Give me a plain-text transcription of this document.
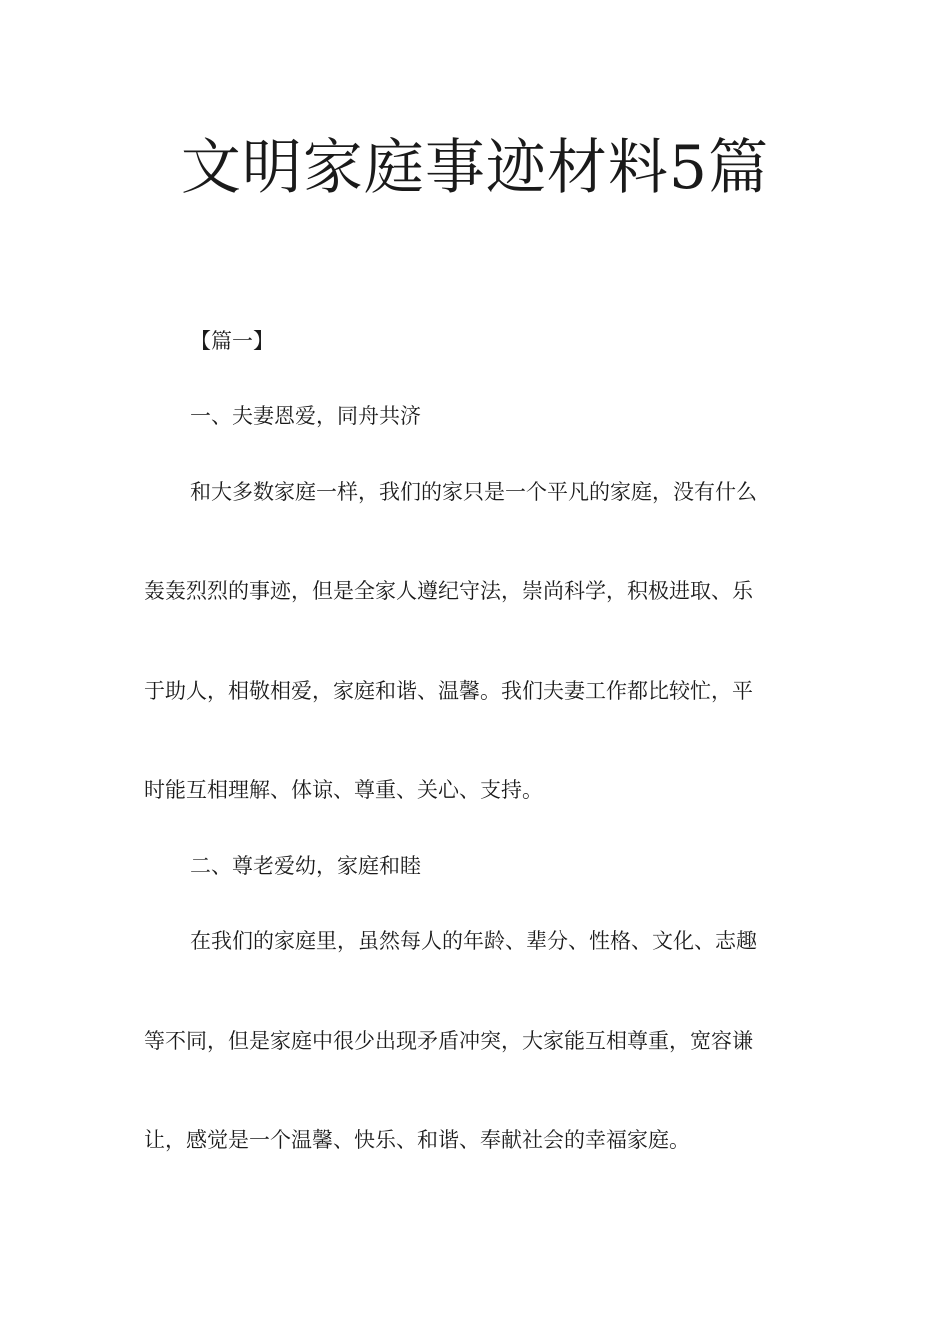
文明家庭事迹材料5篇
【篇一】
一、夫妻恩爱，同舟共济
和大多数家庭一样，我们的家只是一个平凡的家庭，没有什么
轰轰烈烈的事迹，但是全家人遵纪守法，崇尚科学，积极进取、乐
于助人，相敬相爱，家庭和谐、温馨。我们夫妻工作都比较忙，平
时能互相理解、体谅、尊重、关心、支持。
二、尊老爱幼，家庭和睦
在我们的家庭里，虽然每人的年龄、辈分、性格、文化、志趣
等不同，但是家庭中很少出现矛盾冲突，大家能互相尊重，宽容谦
让，感觉是一个温馨、快乐、和谐、奉献社会的幸福家庭。
